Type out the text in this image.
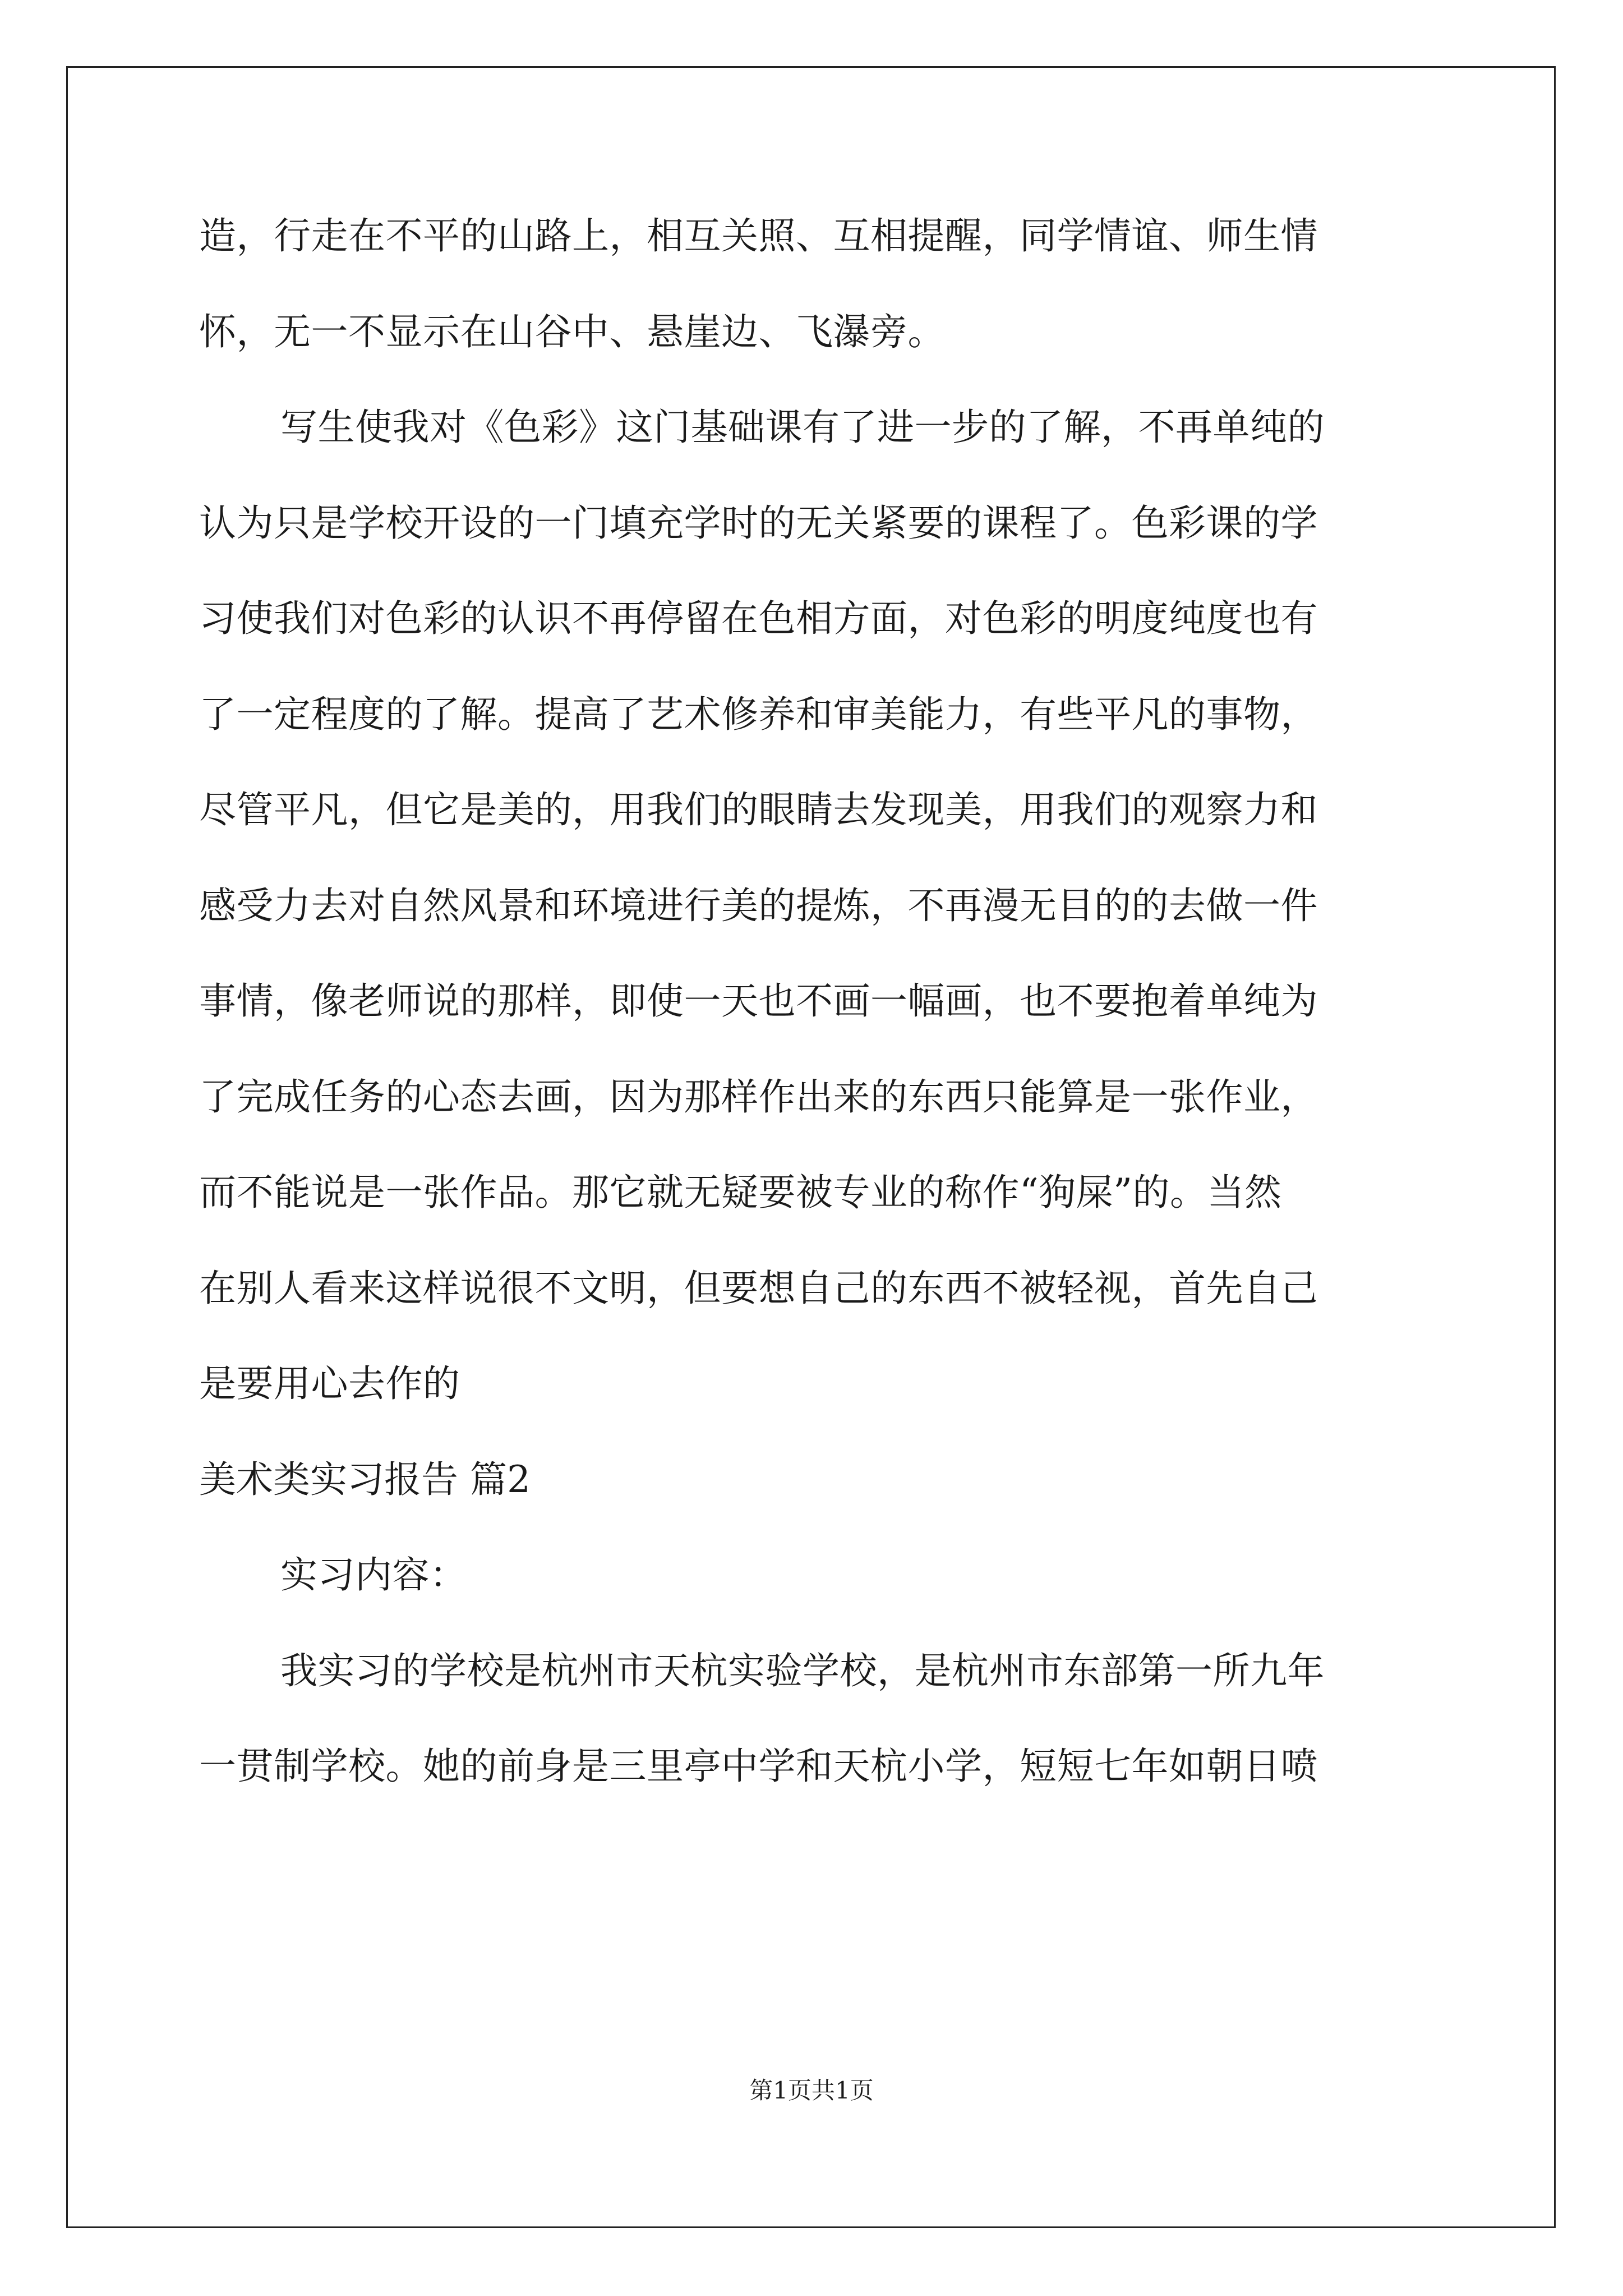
造，行走在不平的山路上，相互关照、互相提醒，同学情谊、师生情
怀，无一不显示在山谷中、悬崖边、飞瀑旁。
写生使我对《色彩》这门基础课有了进一步的了解，不再单纯的
认为只是学校开设的一门填充学时的无关紧要的课程了。色彩课的学
习使我们对色彩的认识不再停留在色相方面，对色彩的明度纯度也有
了一定程度的了解。提高了艺术修养和审美能力，有些平凡的事物，
尽管平凡，但它是美的，用我们的眼睛去发现美，用我们的观察力和
感受力去对自然风景和环境进行美的提炼，不再漫无目的的去做一件
事情，像老师说的那样，即使一天也不画一幅画，也不要抱着单纯为
了完成任务的心态去画，因为那样作出来的东西只能算是一张作业，
而不能说是一张作品。那它就无疑要被专业的称作“狗屎”的。当然
在别人看来这样说很不文明，但要想自己的东西不被轻视，首先自己
是要用心去作的
美术类实习报告 篇2
实习内容：
我实习的学校是杭州市天杭实验学校，是杭州市东部第一所九年
一贯制学校。她的前身是三里亭中学和天杭小学，短短七年如朝日喷
第1页共1页
